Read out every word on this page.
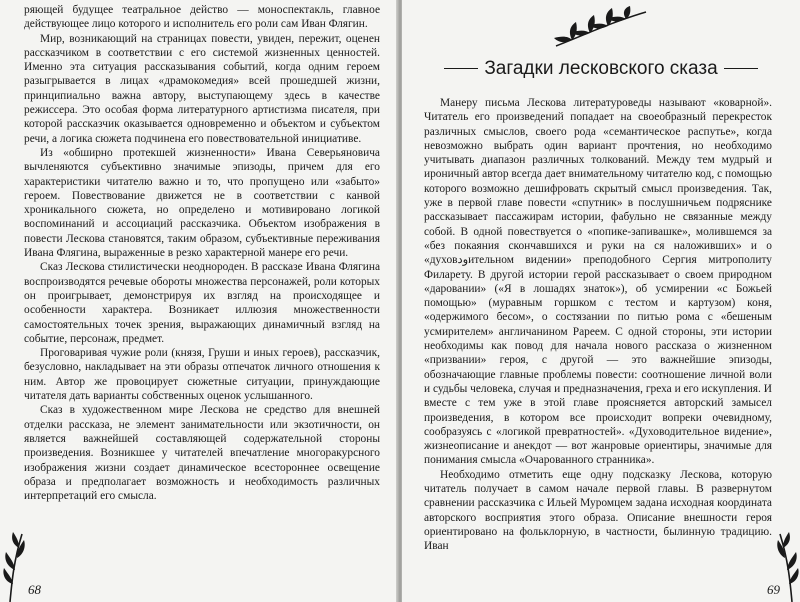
ряющей будущее театральное действо — моноспектакль, главное действующее лицо которого и исполнитель его роли сам Иван Флягин.

Мир, возникающий на страницах повести, увиден, пережит, оценен рассказчиком в соответствии с его системой жизненных ценностей. Именно эта ситуация рассказывания событий, когда одним героем разыгрывается в лицах «драмокомедия» всей прошедшей жизни, принципиально важна автору, выступающему здесь в качестве режиссера. Это особая форма литературного артистизма писателя, при которой рассказчик оказывается одновременно и объектом и субъектом речи, а логика сюжета подчинена его повествовательной инициативе.

Из «обширно протекшей жизненности» Ивана Северьяновича вычленяются субъективно значимые эпизоды, причем для его характеристики читателю важно и то, что пропущено или «забыто» героем. Повествование движется не в соответствии с канвой хроникального сюжета, но определено и мотивировано логикой воспоминаний и ассоциаций рассказчика. Объектом изображения в повести Лескова становятся, таким образом, субъективные переживания Ивана Флягина, выраженные в резко характерной манере его речи.

Сказ Лескова стилистически неоднороден. В рассказе Ивана Флягина воспроизводятся речевые обороты множества персонажей, роли которых он проигрывает, демонстрируя их взгляд на происходящее и особенности характера. Возникает иллюзия множественности самостоятельных точек зрения, выражающих динамичный взгляд на событие, персонаж, предмет.

Проговаривая чужие роли (князя, Груши и иных героев), рассказчик, безусловно, накладывает на эти образы отпечаток личного отношения к ним. Автор же провоцирует сюжетные ситуации, принуждающие читателя дать варианты собственных оценок услышанного.

Сказ в художественном мире Лескова не средство для внешней отделки рассказа, не элемент занимательности или экзотичности, он является важнейшей составляющей содержательной стороны произведения. Возникшее у читателей впечатление многоракурсного изображения жизни создает динамическое всестороннее освещение образа и предполагает возможность и необходимость различных интерпретаций его смысла.

68
Загадки лесковского сказа

Манеру письма Лескова литературоведы называют «коварной». Читатель его произведений попадает на своеобразный перекресток различных смыслов, своего рода «семантическое распутье», когда невозможно выбрать один вариант прочтения, но необходимо учитывать диапазон различных толкований. Между тем мудрый и ироничный автор всегда дает внимательному читателю код, с помощью которого возможно дешифровать скрытый смысл произведения. Так, уже в первой главе повести «спутник» в послушничьем подряснике рассказывает пассажирам истории, фабульно не связанные между собой. В одной повествуется о «попике-запивашке», молившемся за «без покаяния скончавшихся и руки на ся наложивших» и о «духовودительном видении» преподобного Сергия митрополиту Филарету. В другой истории герой рассказывает о своем природном «даровании» («Я в лошадях знаток»), об усмирении «с Божьей помощью» (муравным горшком с тестом и картузом) коня, «одержимого бесом», о состязании по питью рома с «бешеным усмирителем» англичанином Рареем. С одной стороны, эти истории необходимы как повод для начала нового рассказа о жизненном «призвании» героя, с другой — это важнейшие эпизоды, обозначающие главные проблемы повести: соотношение личной воли и судьбы человека, случая и предназначения, греха и его искупления. И вместе с тем уже в этой главе проясняется авторский замысел произведения, в котором все происходит вопреки очевидному, сообразуясь с «логикой превратностей». «Духоводительное видение», жизнеописание и анекдот — вот жанровые ориентиры, значимые для понимания смысла «Очарованного странника».

Необходимо отметить еще одну подсказку Лескова, которую читатель получает в самом начале первой главы. В развернутом сравнении рассказчика с Ильей Муромцем задана исходная координата авторского восприятия этого образа. Описание внешности героя ориентировано на фольклорную, в частности, былинную традицию. Иван

69
